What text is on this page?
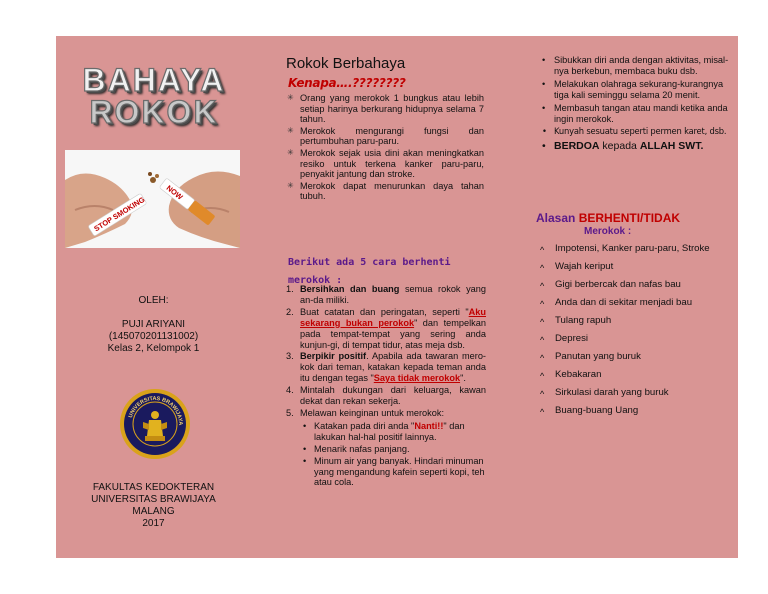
BAHAYA
ROKOK
STOP SMOKING
NOW
OLEH:
PUJI ARIYANI
(145070201131002)
Kelas 2, Kelompok 1
UNIVERSITAS BRAWIJAYA
FAKULTAS KEDOKTERAN
UNIVERSITAS BRAWIJAYA
MALANG
2017
Rokok Berbahaya
Kenapa….????????
✳ Orang yang merokok 1 bungkus atau lebih setiap harinya berkurang hidupnya selama 7 tahun.
✳ Merokok mengurangi fungsi dan pertumbuhan paru-paru.
✳ Merokok sejak usia dini akan meningkatkan resiko untuk terkena kanker paru-paru, penyakit jantung dan stroke.
✳ Merokok dapat menurunkan daya tahan tubuh.
Berikut ada 5 cara berhenti merokok :
1. Bersihkan dan buang semua rokok yang an-da miliki.
2. Buat catatan dan peringatan, seperti "Aku sekarang bukan perokok" dan tempelkan pada tempat-tempat yang sering anda kunjun-gi, di tempat tidur, atas meja dsb.
3. Berpikir positif. Apabila ada tawaran mero-kok dari teman, katakan kepada teman anda itu dengan tegas "Saya tidak merokok".
4. Mintalah dukungan dari keluarga, kawan dekat dan rekan sekerja.
5. Melawan keinginan untuk merokok:
• Katakan pada diri anda "Nanti!!" dan lakukan hal-hal positif lainnya.
• Menarik nafas panjang.
• Minum air yang banyak. Hindari minuman yang mengandung kafein seperti kopi, teh atau cola.
• Sibukkan diri anda dengan aktivitas, misal-nya berkebun, membaca buku dsb.
• Melakukan olahraga sekurang-kurangnya tiga kali seminggu selama 20 menit.
• Membasuh tangan atau mandi ketika anda ingin merokok.
• Kunyah sesuatu seperti permen karet, dsb.
• BERDOA kepada ALLAH SWT.
Alasan BERHENTI/TIDAK
Merokok :
^ Impotensi, Kanker paru-paru, Stroke
^ Wajah keriput
^ Gigi berbercak dan nafas bau
^ Anda dan di sekitar menjadi bau
^ Tulang rapuh
^ Depresi
^ Panutan yang buruk
^ Kebakaran
^ Sirkulasi darah yang buruk
^ Buang-buang Uang
